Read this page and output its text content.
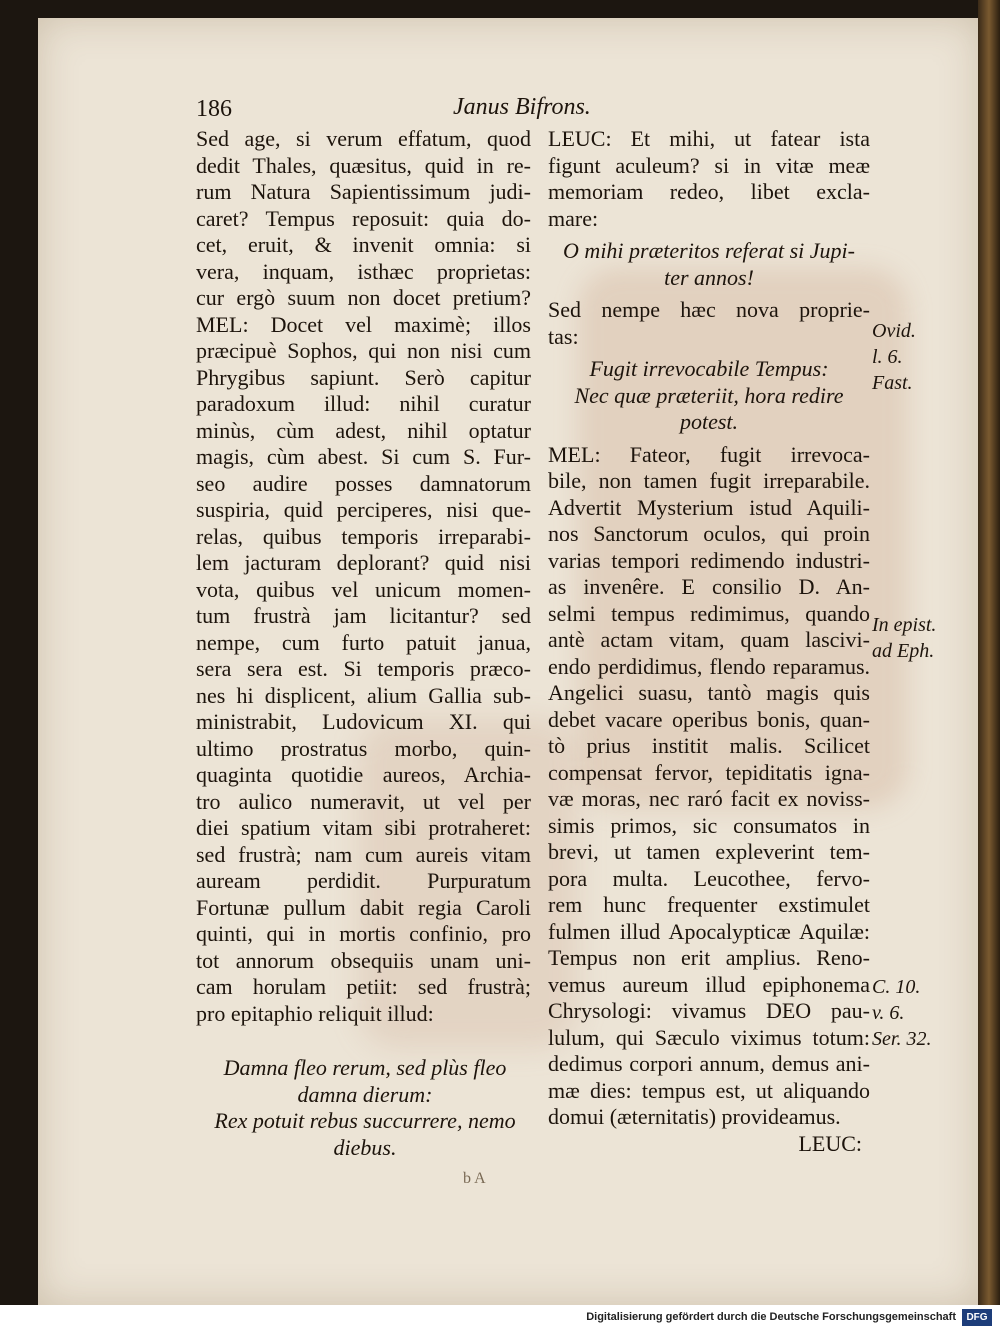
186	Janus Bifrons.
Sed age, si verum effatum, quod
dedit Thales, quæsitus, quid in re-
rum Natura Sapientissimum judi-
caret? Tempus reposuit: quia do-
cet, eruit, & invenit omnia: si
vera, inquam, isthæc proprietas:
cur ergò suum non docet pretium?
MEL: Docet vel maximè; illos
præcipuè Sophos, qui non nisi cum
Phrygibus sapiunt. Serò capitur
paradoxum illud: nihil curatur
minùs, cùm adest, nihil optatur
magis, cùm abest. Si cum S. Fur-
seo audire posses damnatorum
suspiria, quid perciperes, nisi que-
relas, quibus temporis irreparabi-
lem jacturam deplorant? quid nisi
vota, quibus vel unicum momen-
tum frustrà jam licitantur? sed
nempe, cum furto patuit janua,
sera sera est. Si temporis præco-
nes hi displicent, alium Gallia sub-
ministrabit, Ludovicum XI. qui
ultimo prostratus morbo, quin-
quaginta quotidie aureos, Archia-
tro aulico numeravit, ut vel per
diei spatium vitam sibi protraheret:
sed frustrà; nam cum aureis vitam
auream perdidit. Purpuratum
Fortunæ pullum dabit regia Caroli
quinti, qui in mortis confinio, pro
tot annorum obsequiis unam uni-
cam horulam petiit: sed frustrà;
pro epitaphio reliquit illud:
Damna fleo rerum, sed plùs fleo
damna dierum:
Rex potuit rebus succurrere, nemo
diebus.
LEUC: Et mihi, ut fatear ista
figunt aculeum? si in vitæ meæ
memoriam redeo, libet excla-
mare:
O mihi præteritos referat si Jupi-
ter annos!
Sed nempe hæc nova proprie-
tas:
Fugit irrevocabile Tempus:
Nec quæ præteriit, hora redire
potest.
MEL: Fateor, fugit irrevoca-
bile, non tamen fugit irreparabile.
Advertit Mysterium istud Aquili-
nos Sanctorum oculos, qui proin
varias tempori redimendo industri-
as invenêre. E consilio D. An-
selmi tempus redimimus, quando
antè actam vitam, quam lascivi-
endo perdidimus, flendo reparamus.
Angelici suasu, tantò magis quis
debet vacare operibus bonis, quan-
tò prius institit malis. Scilicet
compensat fervor, tepiditatis igna-
væ moras, nec raró facit ex noviss-
simis primos, sic consumatos in
brevi, ut tamen expleverint tem-
pora multa. Leucothee, fervo-
rem hunc frequenter exstimulet
fulmen illud Apocalypticæ Aquilæ:
Tempus non erit amplius. Reno-
vemus aureum illud epiphonema
Chrysologi: vivamus DEO pau-
lulum, qui Sæculo viximus totum:
dedimus corpori annum, demus ani-
mæ dies: tempus est, ut aliquando
domui (æternitatis) provideamus.
LEUC:
Ovid.
l. 6.
Fast.
In epist.
ad Eph.
C. 10.
v. 6.
Ser. 32.
b A
Digitalisierung gefördert durch die Deutsche Forschungsgemeinschaft	DFG
